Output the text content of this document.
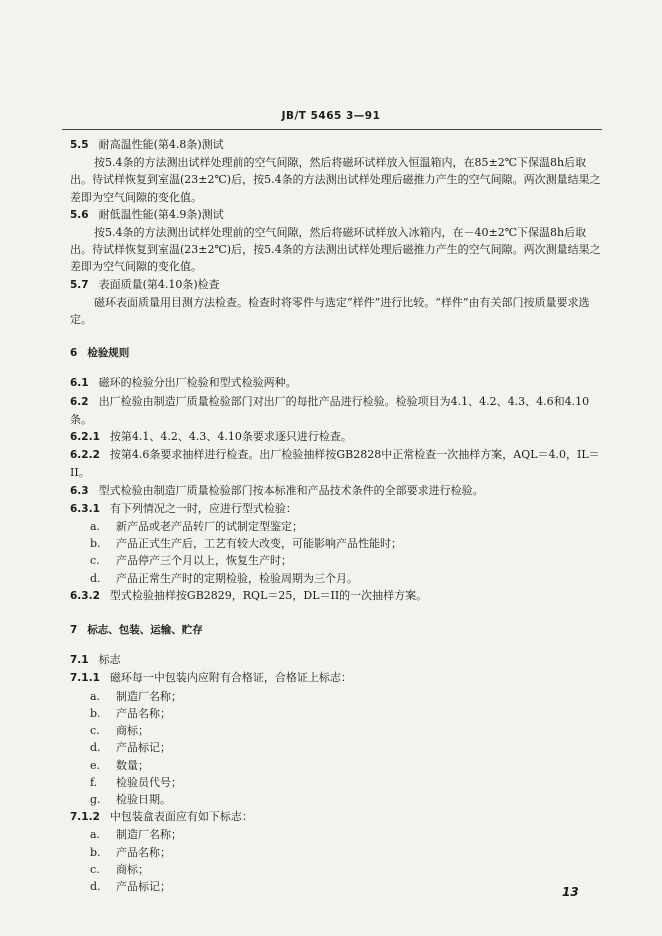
JB/T 5465 3—91

5.5 耐高温性能(第4.8条)测试

按5.4条的方法测出试样处理前的空气间隙，然后将磁环试样放入恒温箱内，在85±2℃下保温8h后取出。待试样恢复到室温(23±2℃)后，按5.4条的方法测出试样处理后磁推力产生的空气间隙。两次测量结果之差即为空气间隙的变化值。

5.6 耐低温性能(第4.9条)测试

按5.4条的方法测出试样处理前的空气间隙，然后将磁环试样放入冰箱内，在－40±2℃下保温8h后取出。待试样恢复到室温(23±2℃)后，按5.4条的方法测出试样处理后磁推力产生的空气间隙。两次测量结果之差即为空气间隙的变化值。

5.7 表面质量(第4.10条)检查

磁环表面质量用目测方法检查。检查时将零件与选定“样件”进行比较。“样件”由有关部门按质量要求选定。

6 检验规则

6.1 磁环的检验分出厂检验和型式检验两种。

6.2 出厂检验由制造厂质量检验部门对出厂的每批产品进行检验。检验项目为4.1、4.2、4.3、4.6和4.10条。

6.2.1 按第4.1、4.2、4.3、4.10条要求逐只进行检查。

6.2.2 按第4.6条要求抽样进行检查。出厂检验抽样按GB2828中正常检查一次抽样方案，AQL＝4.0，IL＝II。

6.3 型式检验由制造厂质量检验部门按本标准和产品技术条件的全部要求进行检验。

6.3.1 有下列情况之一时，应进行型式检验：

a. 新产品或老产品转厂的试制定型鉴定；

b. 产品正式生产后，工艺有较大改变，可能影响产品性能时；

c. 产品停产三个月以上，恢复生产时；

d. 产品正常生产时的定期检验，检验周期为三个月。

6.3.2 型式检验抽样按GB2829，RQL＝25，DL＝II的一次抽样方案。

7 标志、包装、运输、贮存

7.1 标志

7.1.1 磁环每一中包装内应附有合格证，合格证上标志：

a. 制造厂名称；

b. 产品名称；

c. 商标；

d. 产品标记；

e. 数量；

f. 检验员代号；

g. 检验日期。

7.1.2 中包装盒表面应有如下标志：

a. 制造厂名称；

b. 产品名称；

c. 商标；

d. 产品标记；	13
